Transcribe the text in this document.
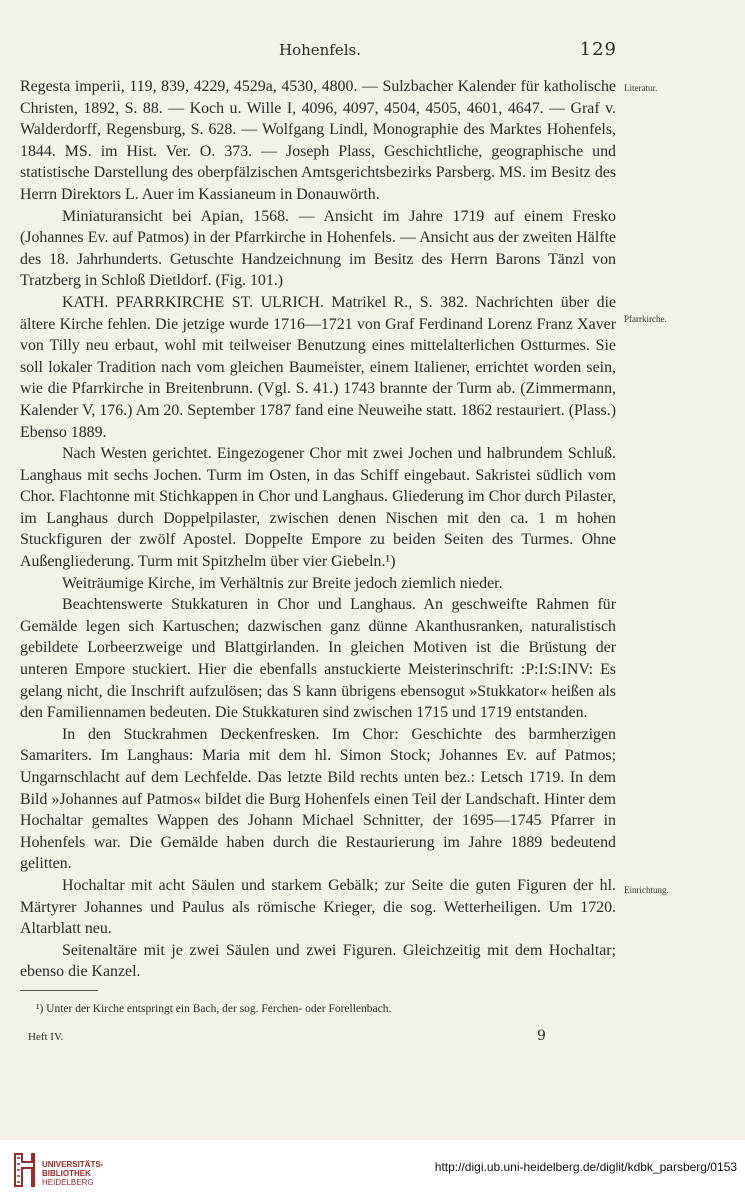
Hohenfels.	129
Literatur.
Pfarrkirche.
Einrichtung.

Regesta imperii, 119, 839, 4229, 4529a, 4530, 4800. — Sulzbacher Kalender für katholische Christen, 1892, S. 88. — Koch u. Wille I, 4096, 4097, 4504, 4505, 4601, 4647. — Graf v. Walderdorff, Regensburg, S. 628. — Wolfgang Lindl, Monographie des Marktes Hohenfels, 1844. MS. im Hist. Ver. O. 373. — Joseph Plass, Geschichtliche, geographische und statistische Darstellung des oberpfälzischen Amtsgerichtsbezirks Parsberg. MS. im Besitz des Herrn Direktors L. Auer im Kassianeum in Donauwörth.

Miniaturansicht bei Apian, 1568. — Ansicht im Jahre 1719 auf einem Fresko (Johannes Ev. auf Patmos) in der Pfarrkirche in Hohenfels. — Ansicht aus der zweiten Hälfte des 18. Jahrhunderts. Getuschte Handzeichnung im Besitz des Herrn Barons Tänzl von Tratzberg in Schloß Dietldorf. (Fig. 101.)

KATH. PFARRKIRCHE ST. ULRICH. Matrikel R., S. 382. Nachrichten über die ältere Kirche fehlen. Die jetzige wurde 1716—1721 von Graf Ferdinand Lorenz Franz Xaver von Tilly neu erbaut, wohl mit teilweiser Benutzung eines mittelalterlichen Ostturmes. Sie soll lokaler Tradition nach vom gleichen Baumeister, einem Italiener, errichtet worden sein, wie die Pfarrkirche in Breitenbrunn. (Vgl. S. 41.) 1743 brannte der Turm ab. (Zimmermann, Kalender V, 176.) Am 20. September 1787 fand eine Neuweihe statt. 1862 restauriert. (Plass.) Ebenso 1889.

Nach Westen gerichtet. Eingezogener Chor mit zwei Jochen und halbrundem Schluß. Langhaus mit sechs Jochen. Turm im Osten, in das Schiff eingebaut. Sakristei südlich vom Chor. Flachtonne mit Stichkappen in Chor und Langhaus. Gliederung im Chor durch Pilaster, im Langhaus durch Doppelpilaster, zwischen denen Nischen mit den ca. 1 m hohen Stuckfiguren der zwölf Apostel. Doppelte Empore zu beiden Seiten des Turmes. Ohne Außengliederung. Turm mit Spitzhelm über vier Giebeln.¹)

Weiträumige Kirche, im Verhältnis zur Breite jedoch ziemlich nieder.

Beachtenswerte Stukkaturen in Chor und Langhaus. An geschweifte Rahmen für Gemälde legen sich Kartuschen; dazwischen ganz dünne Akanthusranken, naturalistisch gebildete Lorbeerzweige und Blattgirlanden. In gleichen Motiven ist die Brüstung der unteren Empore stuckiert. Hier die ebenfalls anstuckierte Meisterinschrift: :P:I:S:INV: Es gelang nicht, die Inschrift aufzulösen; das S kann übrigens ebensogut »Stukkator« heißen als den Familiennamen bedeuten. Die Stukkaturen sind zwischen 1715 und 1719 entstanden.

In den Stuckrahmen Deckenfresken. Im Chor: Geschichte des barmherzigen Samariters. Im Langhaus: Maria mit dem hl. Simon Stock; Johannes Ev. auf Patmos; Ungarnschlacht auf dem Lechfelde. Das letzte Bild rechts unten bez.: Letsch 1719. In dem Bild »Johannes auf Patmos« bildet die Burg Hohenfels einen Teil der Landschaft. Hinter dem Hochaltar gemaltes Wappen des Johann Michael Schnitter, der 1695—1745 Pfarrer in Hohenfels war. Die Gemälde haben durch die Restaurierung im Jahre 1889 bedeutend gelitten.

Hochaltar mit acht Säulen und starkem Gebälk; zur Seite die guten Figuren der hl. Märtyrer Johannes und Paulus als römische Krieger, die sog. Wetterheiligen. Um 1720. Altarblatt neu.

Seitenaltäre mit je zwei Säulen und zwei Figuren. Gleichzeitig mit dem Hochaltar; ebenso die Kanzel.

¹) Unter der Kirche entspringt ein Bach, der sog. Ferchen- oder Forellenbach.
Heft IV.	9
UNIVERSITÄTS-
BIBLIOTHEK
HEIDELBERG
http://digi.ub.uni-heidelberg.de/diglit/kdbk_parsberg/0153
